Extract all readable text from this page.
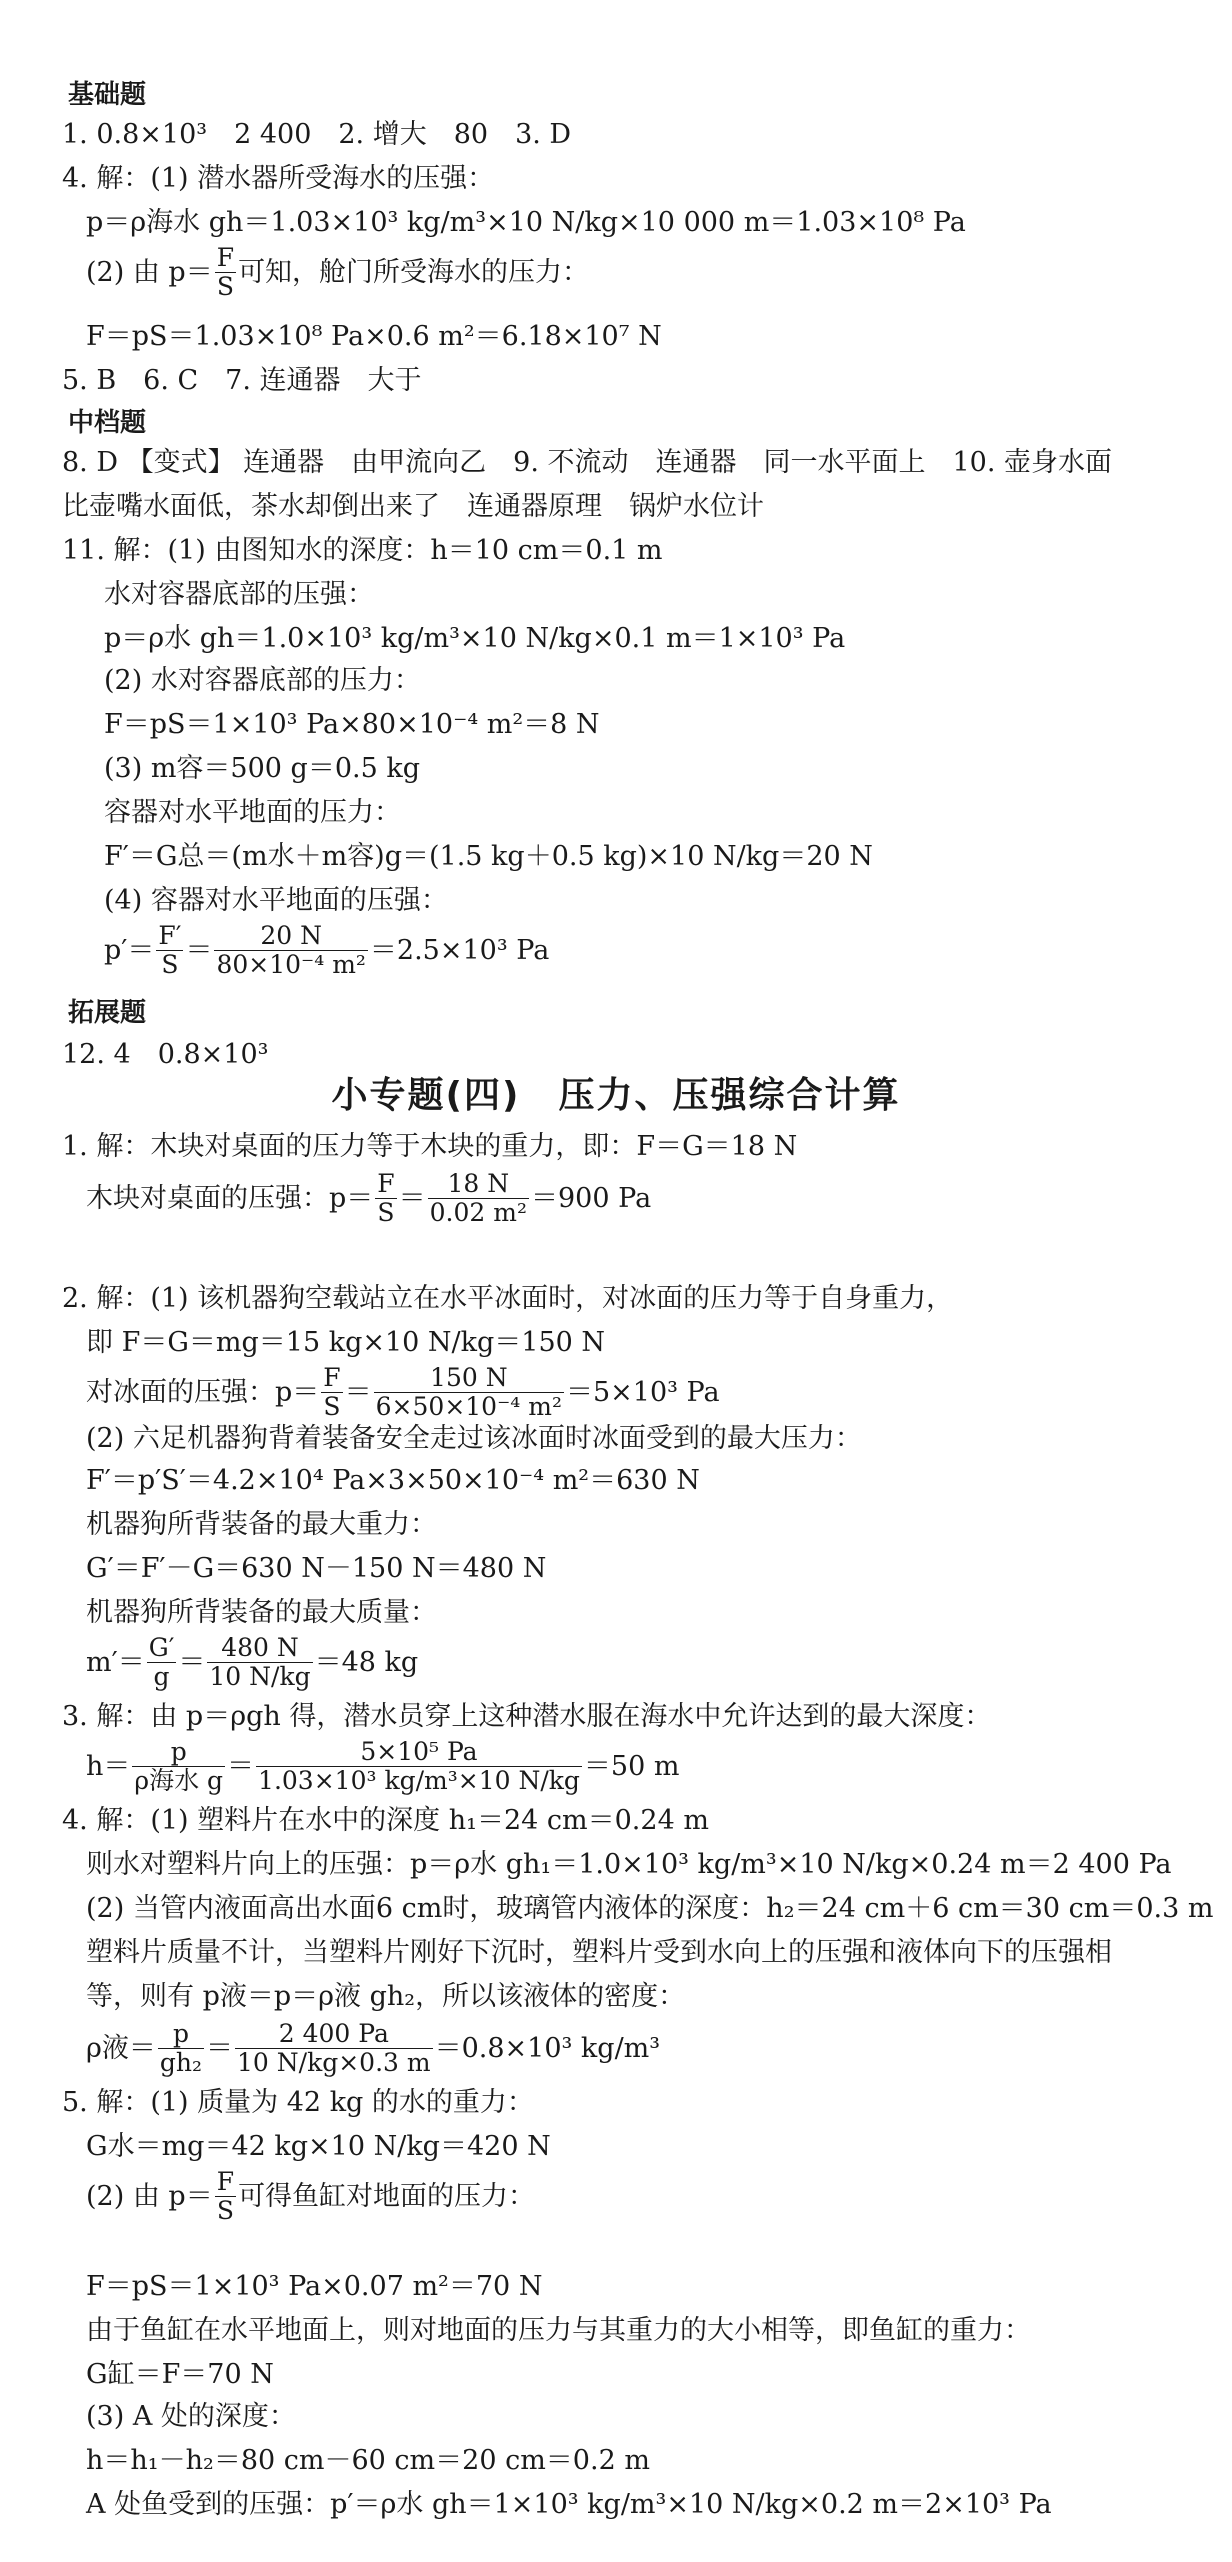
基础题
1. 0.8×10³　2 400　2. 增大　80　3. D
4. 解：(1) 潜水器所受海水的压强：
p＝ρ海水 gh＝1.03×10³ kg/m³×10 N/kg×10 000 m＝1.03×10⁸ Pa
F＝pS＝1.03×10⁸ Pa×0.6 m²＝6.18×10⁷ N
5. B　6. C　7. 连通器　大于
中档题
8. D 【变式】 连通器　由甲流向乙　9. 不流动　连通器　同一水平面上　10. 壶身水面
比壶嘴水面低，茶水却倒出来了　连通器原理　锅炉水位计
11. 解：(1) 由图知水的深度：h＝10 cm＝0.1 m
水对容器底部的压强：
p＝ρ水 gh＝1.0×10³ kg/m³×10 N/kg×0.1 m＝1×10³ Pa
(2) 水对容器底部的压力：
F＝pS＝1×10³ Pa×80×10⁻⁴ m²＝8 N
(3) m容＝500 g＝0.5 kg
容器对水平地面的压力：
F′＝G总＝(m水＋m容)g＝(1.5 kg＋0.5 kg)×10 N/kg＝20 N
(4) 容器对水平地面的压强：
拓展题
12. 4　0.8×10³
1. 解：木块对桌面的压力等于木块的重力，即：F＝G＝18 N
2. 解：(1) 该机器狗空载站立在水平冰面时，对冰面的压力等于自身重力，
即 F＝G＝mg＝15 kg×10 N/kg＝150 N
(2) 六足机器狗背着装备安全走过该冰面时冰面受到的最大压力：
F′＝p′S′＝4.2×10⁴ Pa×3×50×10⁻⁴ m²＝630 N
机器狗所背装备的最大重力：
G′＝F′－G＝630 N－150 N＝480 N
机器狗所背装备的最大质量：
3. 解：由 p＝ρgh 得，潜水员穿上这种潜水服在海水中允许达到的最大深度：
4. 解：(1) 塑料片在水中的深度 h₁＝24 cm＝0.24 m
则水对塑料片向上的压强：p＝ρ水 gh₁＝1.0×10³ kg/m³×10 N/kg×0.24 m＝2 400 Pa
(2) 当管内液面高出水面6 cm时，玻璃管内液体的深度：h₂＝24 cm＋6 cm＝30 cm＝0.3 m
塑料片质量不计，当塑料片刚好下沉时，塑料片受到水向上的压强和液体向下的压强相
等，则有 p液＝p＝ρ液 gh₂，所以该液体的密度：
5. 解：(1) 质量为 42 kg 的水的重力：
G水＝mg＝42 kg×10 N/kg＝420 N
F＝pS＝1×10³ Pa×0.07 m²＝70 N
由于鱼缸在水平地面上，则对地面的压力与其重力的大小相等，即鱼缸的重力：
G缸＝F＝70 N
(3) A 处的深度：
h＝h₁－h₂＝80 cm－60 cm＝20 cm＝0.2 m
A 处鱼受到的压强：p′＝ρ水 gh＝1×10³ kg/m³×10 N/kg×0.2 m＝2×10³ Pa
小专题(四)　压力、压强综合计算
(2) 由 $p= \frac{F}{S}$ 可知，舱门所受海水的压力：
$p'= \frac{F'}{S} = \frac{20 N}{\text{80×10⁻⁴ m²}} =2.5\times 10^3$ Pa
木块对桌面的压强：$p= \frac{F}{S} = \frac{18 N}{\text{0.02 m²}} =900$ Pa
对冰面的压强：$p= \frac{F}{S} = \frac{150 N}{\text{6×50×10⁻⁴ m²}} =5\times 10^3$ Pa
$m'= \frac{G'}{g} = \frac{480 N}{10 N/kg} =48$ kg
$h= \frac{p}{\text{ρ海水 g}} = \frac{\text{5×10⁵ Pa}}{\text{1.03×10³ kg/m³×10 N/kg}} =50$ m
ρ液＝ $\frac{p}{\text{gh₂}} = \frac{2 400 Pa}{10 N/kg\times 0.3 m} =0.8\times 10^3$ kg/m³
(2) 由 $p= \frac{F}{S}$ 可得鱼缸对地面的压力：
